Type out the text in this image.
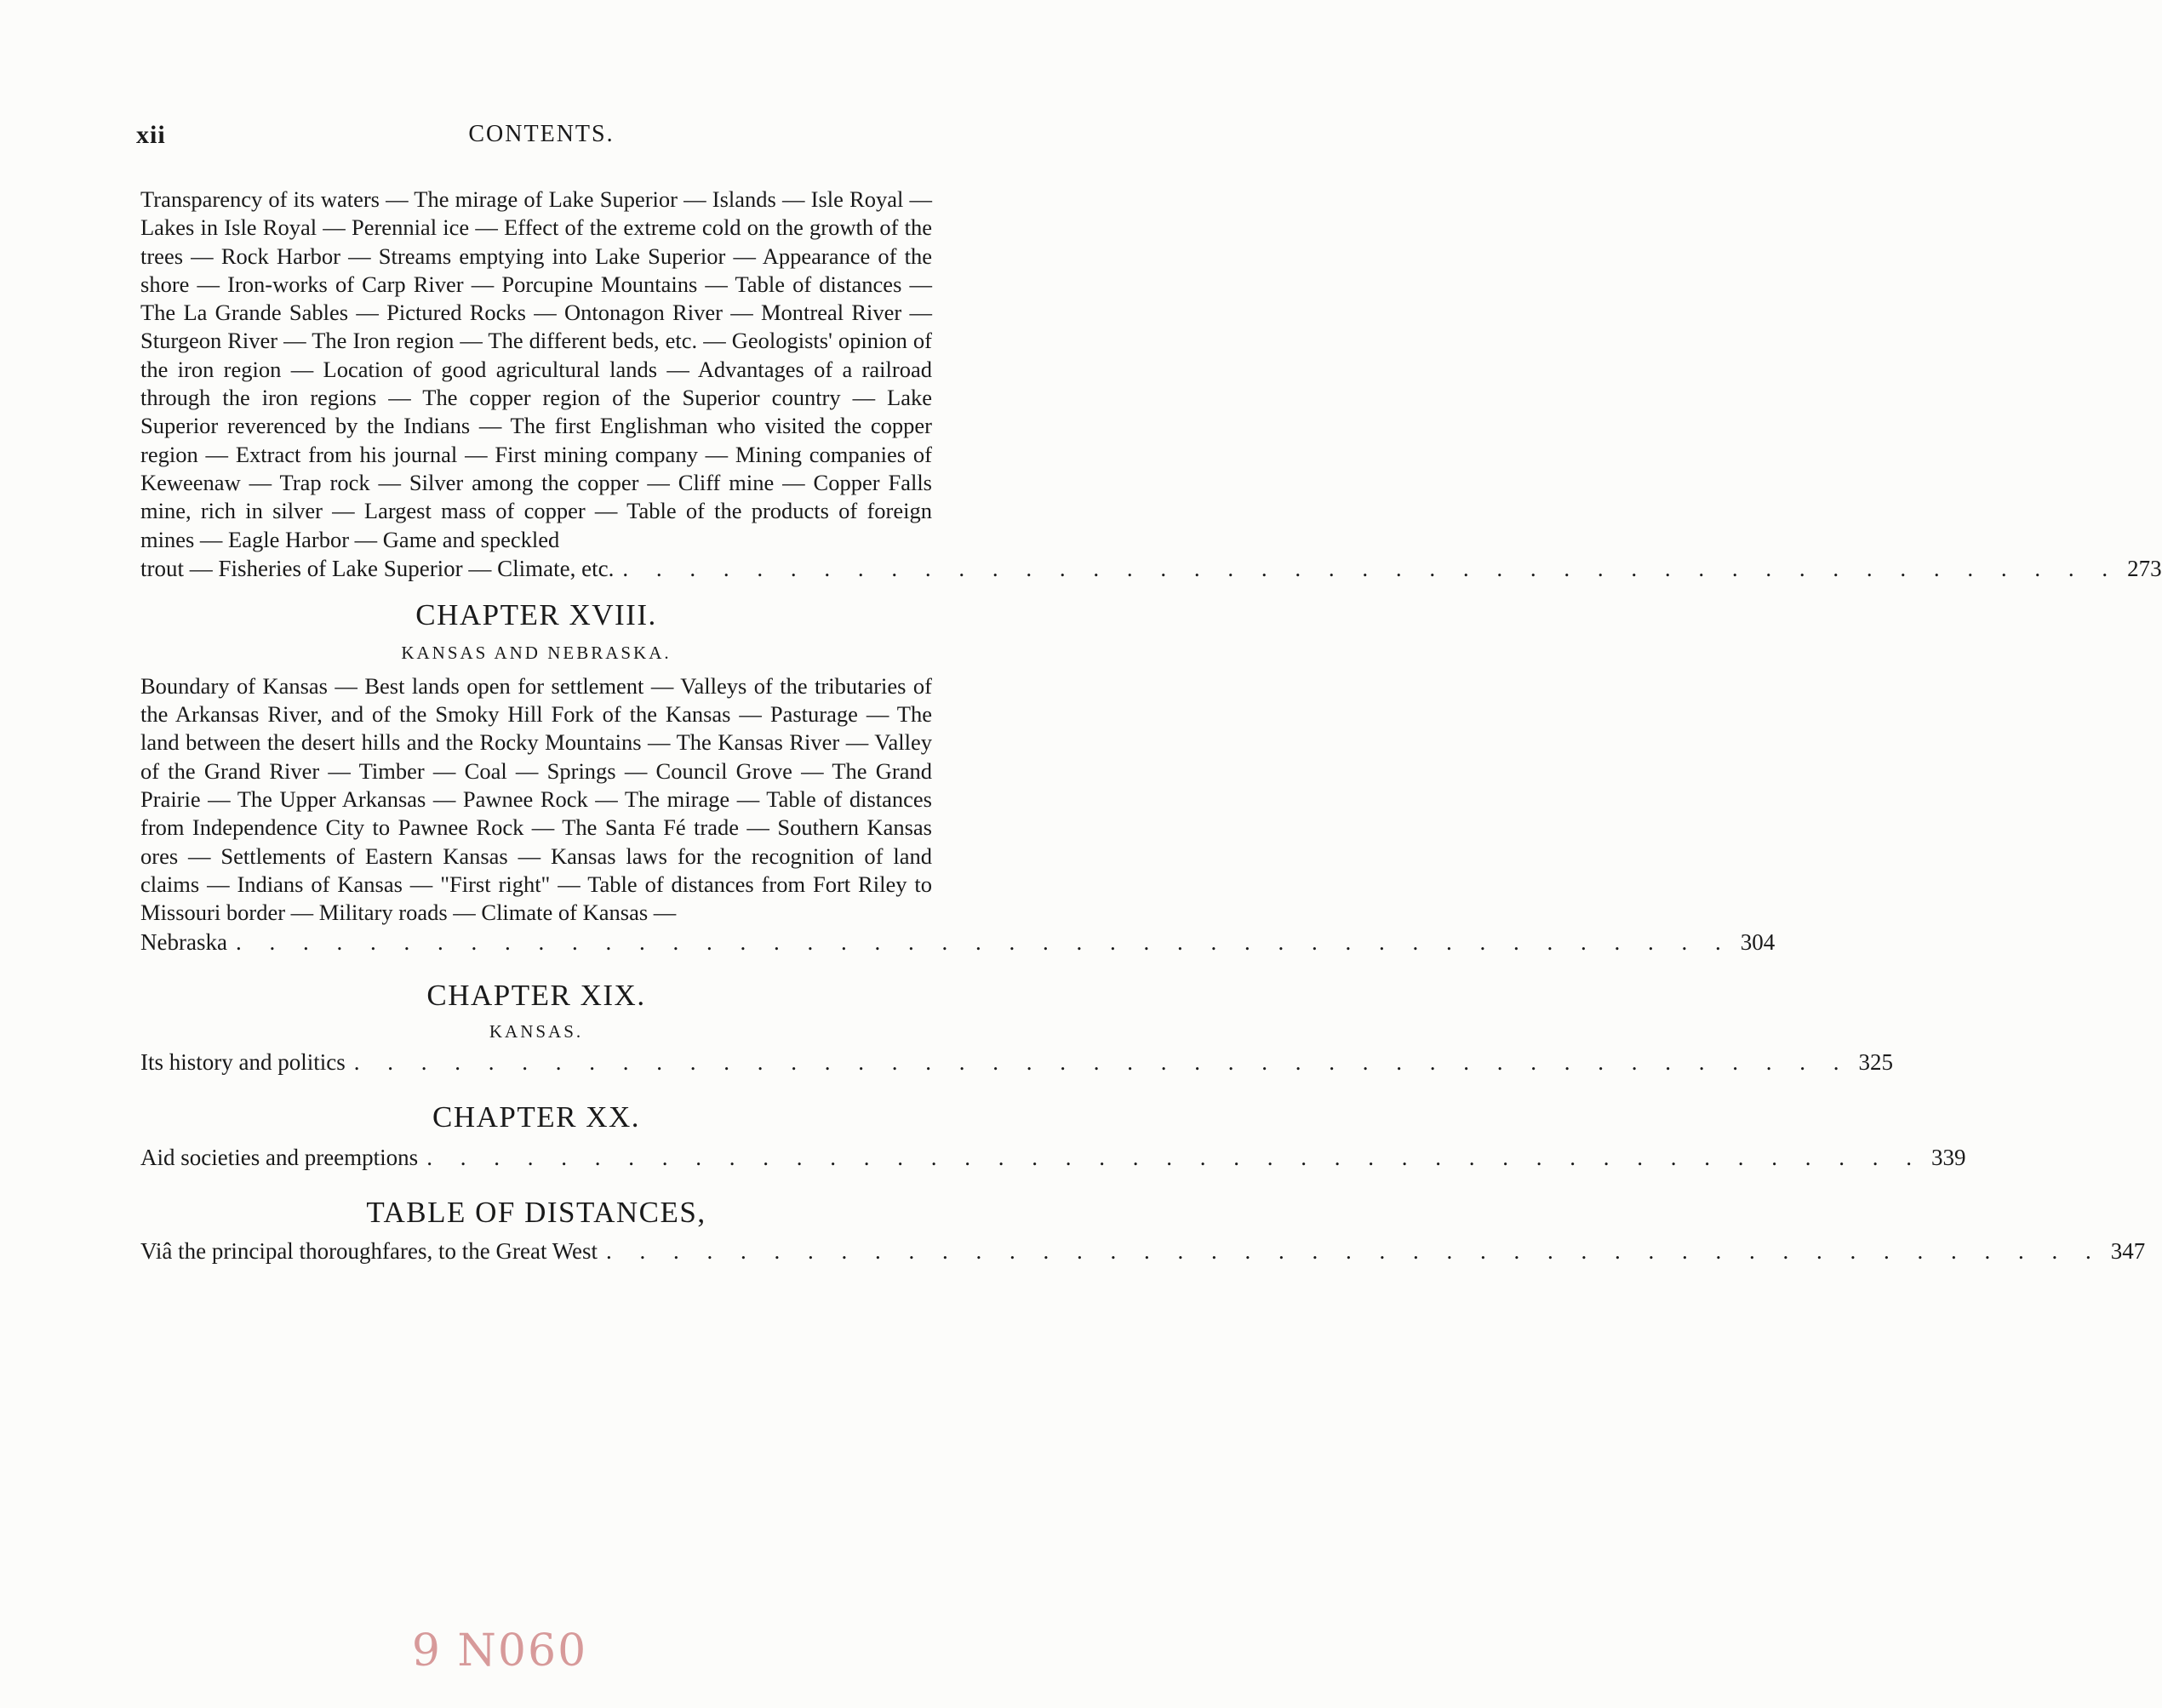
xii	CONTENTS.

Transparency of its waters — The mirage of Lake Superior — Islands — Isle Royal — Lakes in Isle Royal — Perennial ice — Effect of the extreme cold on the growth of the trees — Rock Harbor — Streams emptying into Lake Superior — Appearance of the shore — Iron-works of Carp River — Porcupine Mountains — Table of distances — The La Grande Sables — Pictured Rocks — Ontonagon River — Montreal River — Sturgeon River — The Iron region — The different beds, etc. — Geologists' opinion of the iron region — Location of good agricultural lands — Advantages of a railroad through the iron regions — The copper region of the Superior country — Lake Superior reverenced by the Indians — The first Englishman who visited the copper region — Extract from his journal — First mining company — Mining companies of Keweenaw — Trap rock — Silver among the copper — Cliff mine — Copper Falls mine, rich in silver — Largest mass of copper — Table of the products of foreign mines — Eagle Harbor — Game and speckled

trout — Fisheries of Lake Superior — Climate, etc. . . . . . . . . . . . . . . . . . . . . . . . . . . . . . . . . . . . . . . . . . . . . . 273
CHAPTER XVIII.
KANSAS AND NEBRASKA.

Boundary of Kansas — Best lands open for settlement — Valleys of the tributaries of the Arkansas River, and of the Smoky Hill Fork of the Kansas — Pasturage — The land between the desert hills and the Rocky Mountains — The Kansas River — Valley of the Grand River — Timber — Coal — Springs — Council Grove — The Grand Prairie — The Upper Arkansas — Pawnee Rock — The mirage — Table of distances from Independence City to Pawnee Rock — The Santa Fé trade — Southern Kansas ores — Settlements of Eastern Kansas — Kansas laws for the recognition of land claims — Indians of Kansas — "First right" — Table of distances from Fort Riley to Missouri border — Military roads — Climate of Kansas —

Nebraska . . . . . . . . . . . . . . . . . . . . . . . . . . . . . . . . . . . . . . . . . . . . . 304
CHAPTER XIX.
KANSAS.
Its history and politics . . . . . . . . . . . . . . . . . . . . . . . . . . . . . . . . . . . . . . . . . . . . . 325
CHAPTER XX.
Aid societies and preemptions . . . . . . . . . . . . . . . . . . . . . . . . . . . . . . . . . . . . . . . . . . . . . 339
TABLE OF DISTANCES,
Viâ the principal thoroughfares, to the Great West . . . . . . . . . . . . . . . . . . . . . . . . . . . . . . . . . . . . . . . . . . . . . 347
9 N060
